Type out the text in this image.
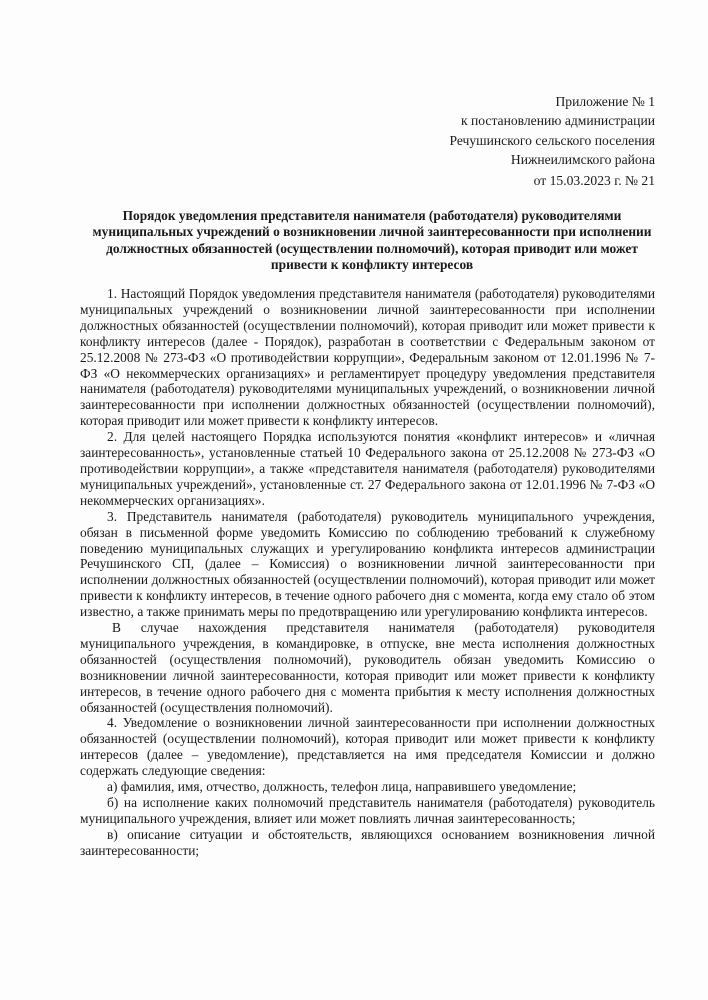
Приложение № 1
к постановлению администрации
Речушинского сельского поселения
Нижнеилимского района
от 15.03.2023 г. № 21
Порядок уведомления представителя нанимателя (работодателя) руководителями муниципальных учреждений о возникновении личной заинтересованности при исполнении должностных обязанностей (осуществлении полномочий), которая приводит или может привести к конфликту интересов

1. Настоящий Порядок уведомления представителя нанимателя (работодателя) руководителями муниципальных учреждений о возникновении личной заинтересованности при исполнении должностных обязанностей (осуществлении полномочий), которая приводит или может привести к конфликту интересов (далее - Порядок), разработан в соответствии с Федеральным законом от 25.12.2008 № 273-ФЗ «О противодействии коррупции», Федеральным законом от 12.01.1996 № 7-ФЗ «О некоммерческих организациях» и регламентирует процедуру уведомления представителя нанимателя (работодателя) руководителями муниципальных учреждений, о возникновении личной заинтересованности при исполнении должностных обязанностей (осуществлении полномочий), которая приводит или может привести к конфликту интересов.

2. Для целей настоящего Порядка используются понятия «конфликт интересов» и «личная заинтересованность», установленные статьей 10 Федерального закона от 25.12.2008 № 273-ФЗ «О противодействии коррупции», а также «представителя нанимателя (работодателя) руководителями муниципальных учреждений», установленные ст. 27 Федерального закона от 12.01.1996 № 7-ФЗ «О некоммерческих организациях».

3. Представитель нанимателя (работодателя) руководитель муниципального учреждения, обязан в письменной форме уведомить Комиссию по соблюдению требований к служебному поведению муниципальных служащих и урегулированию конфликта интересов администрации Речушинского СП, (далее – Комиссия) о возникновении личной заинтересованности при исполнении должностных обязанностей (осуществлении полномочий), которая приводит или может привести к конфликту интересов, в течение одного рабочего дня с момента, когда ему стало об этом известно, а также принимать меры по предотвращению или урегулированию конфликта интересов.

В случае нахождения представителя нанимателя (работодателя) руководителя муниципального учреждения, в командировке, в отпуске, вне места исполнения должностных обязанностей (осуществления полномочий), руководитель обязан уведомить Комиссию о возникновении личной заинтересованности, которая приводит или может привести к конфликту интересов, в течение одного рабочего дня с момента прибытия к месту исполнения должностных обязанностей (осуществления полномочий).

4. Уведомление о возникновении личной заинтересованности при исполнении должностных обязанностей (осуществлении полномочий), которая приводит или может привести к конфликту интересов (далее – уведомление), представляется на имя председателя Комиссии и должно содержать следующие сведения:

а) фамилия, имя, отчество, должность, телефон лица, направившего уведомление;

б) на исполнение каких полномочий представитель нанимателя (работодателя) руководитель муниципального учреждения, влияет или может повлиять личная заинтересованность;

в) описание ситуации и обстоятельств, являющихся основанием возникновения личной заинтересованности;
